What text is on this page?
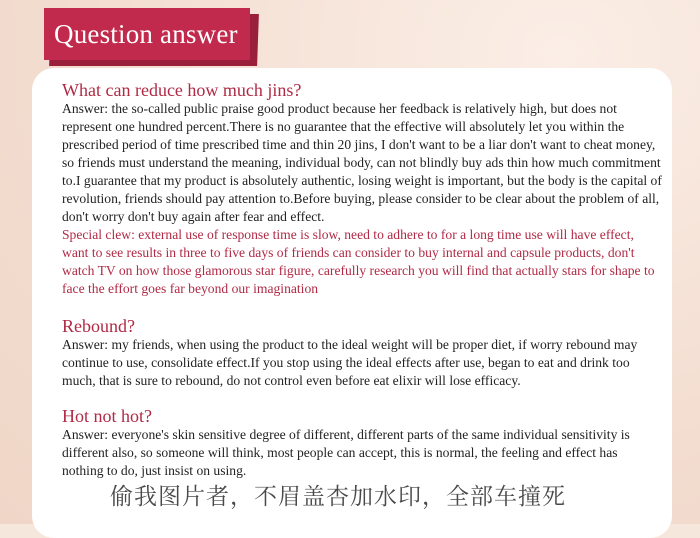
Question answer

What can reduce how much jins?

Answer: the so-called public praise good product because her feedback is relatively high, but does not represent one hundred percent.There is no guarantee that the effective will absolutely let you within the prescribed period of time prescribed time and thin 20 jins, I don't want to be a liar don't want to cheat money, so friends must understand the meaning, individual body, can not blindly buy ads thin how much commitment to.I guarantee that my product is absolutely authentic, losing weight is important, but the body is the capital of revolution, friends should pay attention to.Before buying, please consider to be clear about the problem of all, don't worry don't buy again after fear and effect.

Special clew: external use of response time is slow, need to adhere to for a long time use will have effect, want to see results in three to five days of friends can consider to buy internal and capsule products, don't watch TV on how those glamorous star figure, carefully research you will find that actually stars for shape to face the effort goes far beyond our imagination

Rebound?

Answer: my friends, when using the product to the ideal weight will be proper diet, if worry rebound may continue to use, consolidate effect.If you stop using the ideal effects after use, began to eat and drink too much, that is sure to rebound, do not control even before eat elixir will lose efficacy.

Hot not hot?

Answer: everyone's skin sensitive degree of different, different parts of the same individual sensitivity is different also, so someone will think, most people can accept, this is normal, the feeling and effect has nothing to do, just insist on using.

偷我图片者，不眉盖杏加水印，全部车撞死
